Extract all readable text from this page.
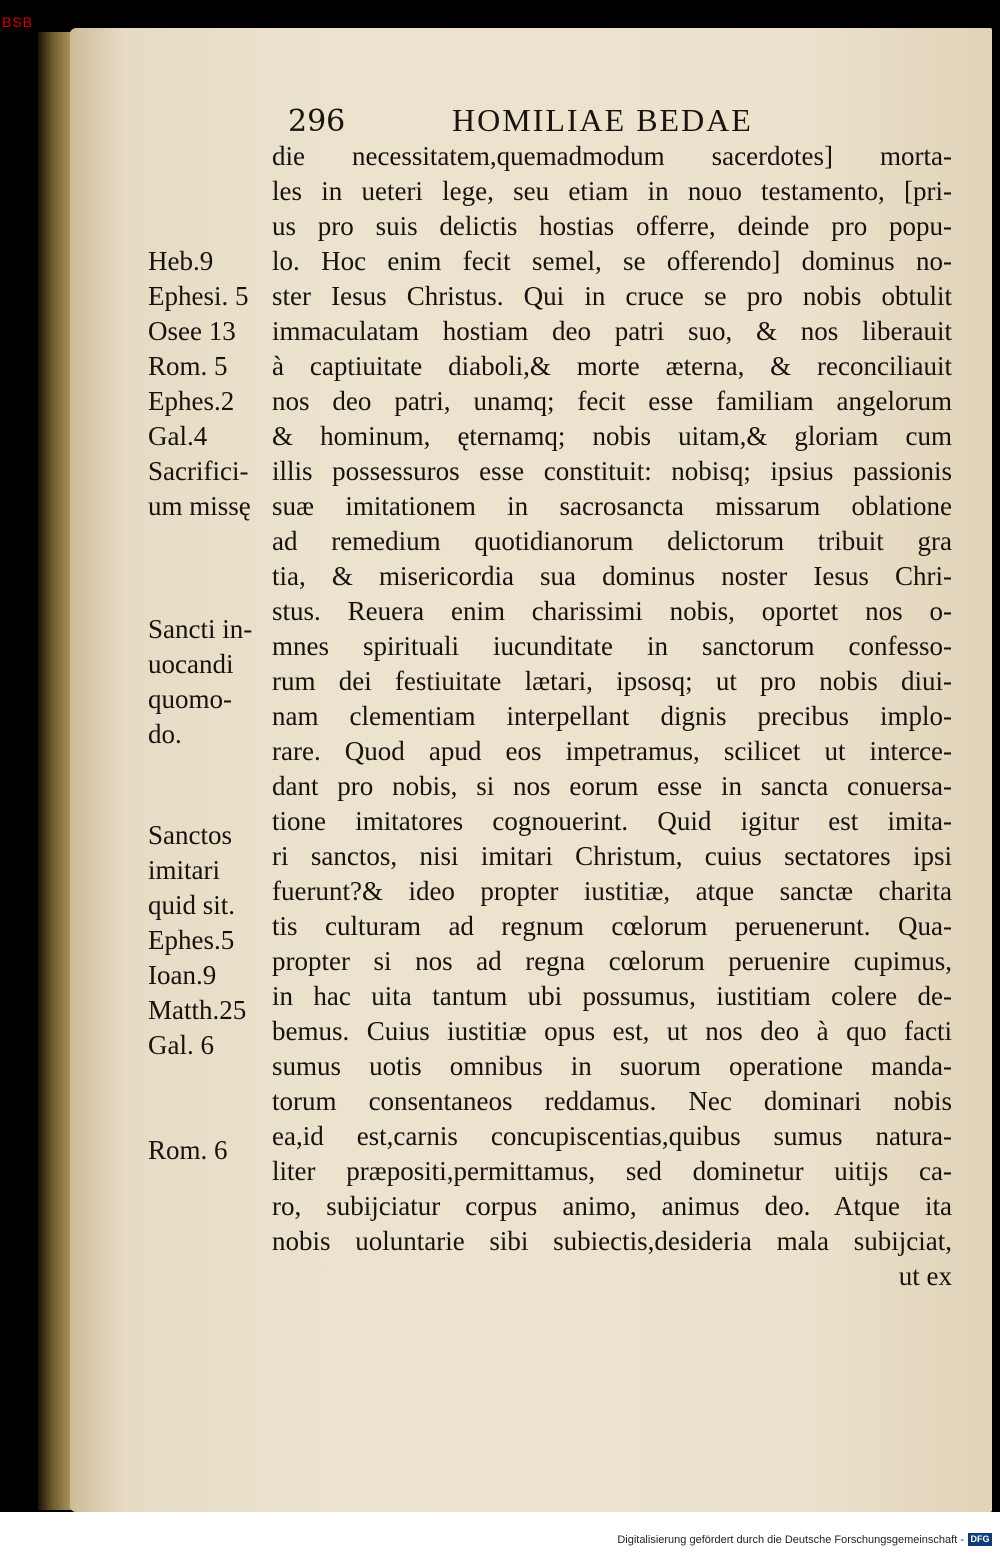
BSB
296	HOMILIAE BEDAE
die necessitatem,quemadmodum sacerdotes] morta-
les in ueteri lege, seu etiam in nouo testamento, [pri-
us pro suis delictis hostias offerre, deinde pro popu-
lo. Hoc enim fecit semel, se offerendo] dominus no-
ster Iesus Christus. Qui in cruce se pro nobis obtulit
immaculatam hostiam deo patri suo, & nos liberauit
à captiuitate diaboli,& morte æterna, & reconciliauit
nos deo patri, unamq; fecit esse familiam angelorum
& hominum, ęternamq; nobis uitam,& gloriam cum
illis possessuros esse constituit: nobisq; ipsius passionis
suæ imitationem in sacrosancta missarum oblatione
ad remedium quotidianorum delictorum tribuit gra
tia, & misericordia sua dominus noster Iesus Chri-
stus. Reuera enim charissimi nobis, oportet nos o-
mnes spirituali iucunditate in sanctorum confesso-
rum dei festiuitate lætari, ipsosq; ut pro nobis diui-
nam clementiam interpellant dignis precibus implo-
rare. Quod apud eos impetramus, scilicet ut interce-
dant pro nobis, si nos eorum esse in sancta conuersa-
tione imitatores cognouerint. Quid igitur est imita-
ri sanctos, nisi imitari Christum, cuius sectatores ipsi
fuerunt?& ideo propter iustitiæ, atque sanctæ charita
tis culturam ad regnum cœlorum peruenerunt. Qua-
propter si nos ad regna cœlorum peruenire cupimus,
in hac uita tantum ubi possumus, iustitiam colere de-
bemus. Cuius iustitiæ opus est, ut nos deo à quo facti
sumus uotis omnibus in suorum operatione manda-
torum consentaneos reddamus. Nec dominari nobis
ea,id est,carnis concupiscentias,quibus sumus natura-
liter præpositi,permittamus, sed dominetur uitijs ca-
ro, subijciatur corpus animo, animus deo. Atque ita
nobis uoluntarie sibi subiectis,desideria mala subijciat,
ut ex
Heb.9
Ephesi. 5
Osee 13
Rom. 5
Ephes.2
Gal.4
Sacrifici-
um missę
Sancti in-
uocandi
quomo-
do.
Sanctos
imitari
quid sit.
Ephes.5
Ioan.9
Matth.25
Gal. 6
Rom. 6
Digitalisierung gefördert durch die Deutsche Forschungsgemeinschaft - DFG
